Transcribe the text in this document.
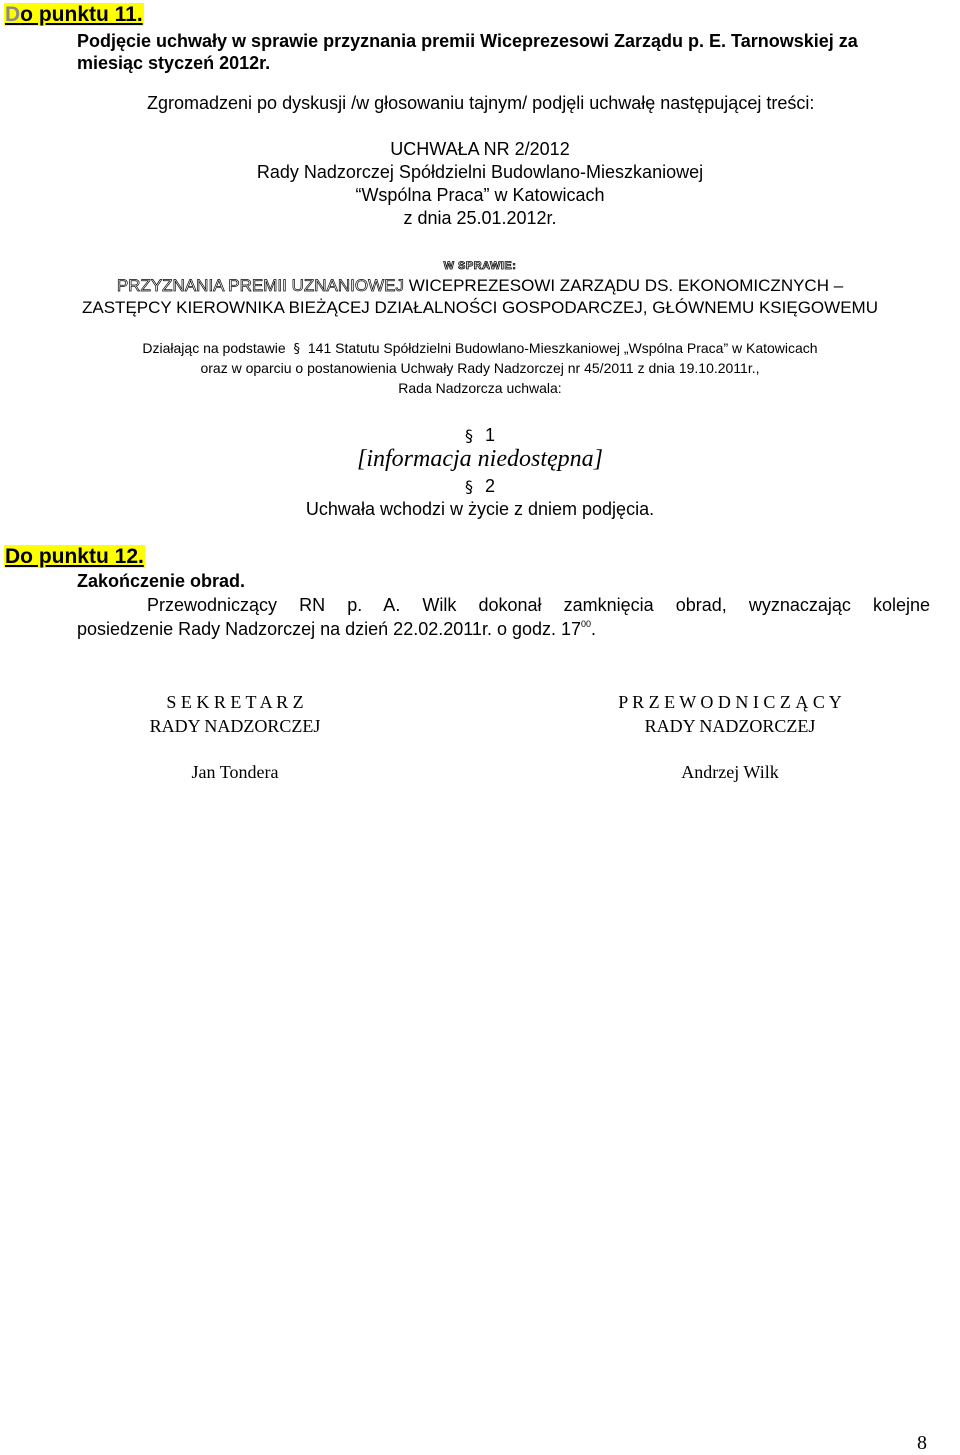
Do punktu 11.
Podjęcie uchwały w sprawie przyznania premii Wiceprezesowi Zarządu p. E. Tarnowskiej za
miesiąc styczeń 2012r.
Zgromadzeni po dyskusji /w głosowaniu tajnym/ podjęli uchwałę następującej treści:
UCHWAŁA NR 2/2012
Rady Nadzorczej Spółdzielni Budowlano-Mieszkaniowej
“Wspólna Praca” w Katowicach
z dnia 25.01.2012r.
W SPRAWIE:
PRZYZNANIA PREMII UZNANIOWEJ WICEPREZESOWI ZARZĄDU DS. EKONOMICZNYCH –
ZASTĘPCY KIEROWNIKA BIEŻĄCEJ DZIAŁALNOŚCI GOSPODARCZEJ, GŁÓWNEMU KSIĘGOWEMU
Działając na podstawie § 141 Statutu Spółdzielni Budowlano-Mieszkaniowej „Wspólna Praca” w Katowicach
oraz w oparciu o postanowienia Uchwały Rady Nadzorczej nr 45/2011 z dnia 19.10.2011r.,
Rada Nadzorcza uchwala:
§ 1
[informacja niedostępna]
§ 2
Uchwała wchodzi w życie z dniem podjęcia.
Do punktu 12.
Zakończenie obrad.
Przewodniczący RN p. A. Wilk dokonał zamknięcia obrad, wyznaczając kolejne
posiedzenie Rady Nadzorczej na dzień 22.02.2011r. o godz. $17^{00}$.
S E K R E T A R Z
RADY NADZORCZEJ
Jan Tondera
P R Z E W O D N I C Z Ą C Y
RADY NADZORCZEJ
Andrzej Wilk
8
